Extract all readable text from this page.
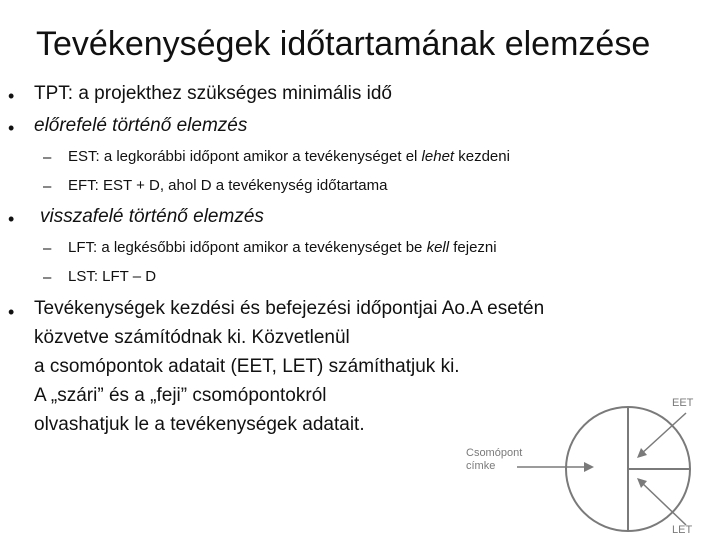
Tevékenységek időtartamának elemzése
• TPT: a projekthez szükséges minimális idő
• előrefelé történő elemzés
– EST: a legkorábbi időpont amikor a tevékenységet el lehet kezdeni
– EFT: EST + D, ahol D a tevékenység időtartama
• visszafelé történő elemzés
– LFT: a legkésőbbi időpont amikor a tevékenységet be kell fejezni
– LST: LFT – D
• Tevékenységek kezdési és befejezési időpontjai Ao.A esetén
közvetve számítódnak ki. Közvetlenül
a csomópontok adatait (EET, LET) számíthatjuk ki.
A „szári” és a „feji” csomópontokról
olvashatjuk le a tevékenységek adatait.
EET
LET
Csomópont
címke
